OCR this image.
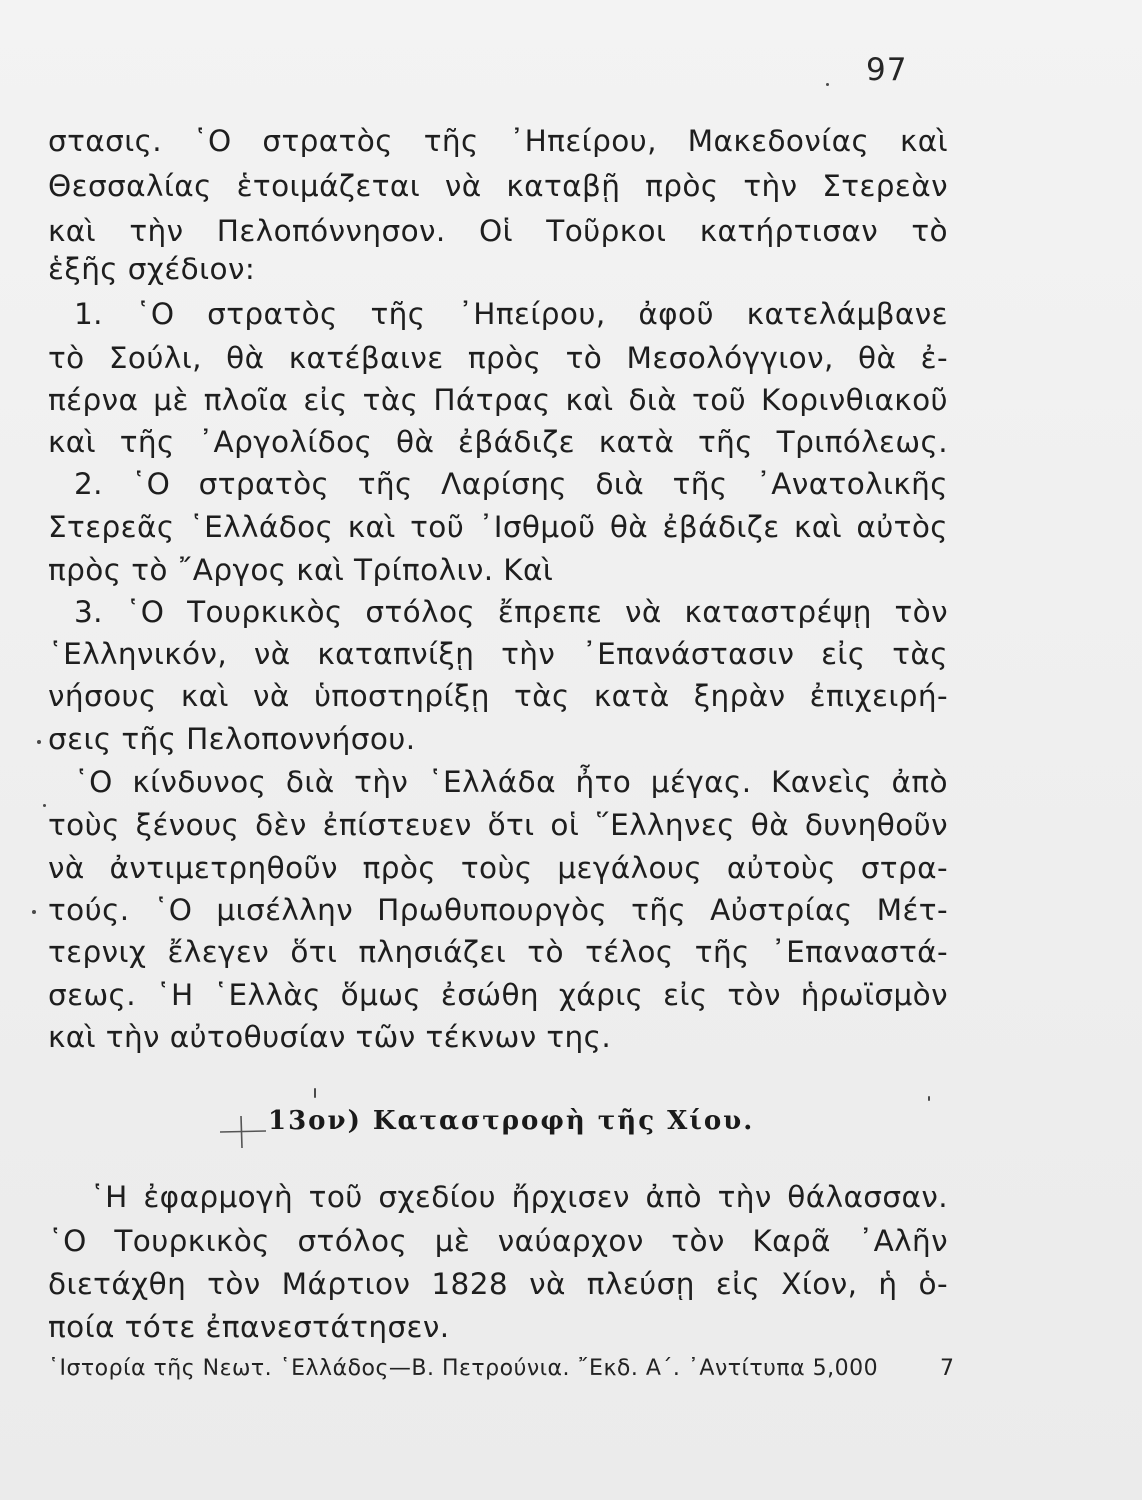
97
στασις. ῾Ο στρατὸς τῆς ᾽Ηπείρου, Μακεδονίας καὶ
Θεσσαλίας ἑτοιμάζεται νὰ καταβῇ πρὸς τὴν Στερεὰν
καὶ τὴν Πελοπόννησον. Οἱ Τοῦρκοι κατήρτισαν τὸ
ἑξῆς σχέδιον:
1. ῾Ο στρατὸς τῆς ᾽Ηπείρου, ἀφοῦ κατελάμβανε
τὸ Σούλι, θὰ κατέβαινε πρὸς τὸ Μεσολόγγιον, θὰ ἐ-
πέρνα μὲ πλοῖα εἰς τὰς Πάτρας καὶ διὰ τοῦ Κορινθιακοῦ
καὶ τῆς ᾽Αργολίδος θὰ ἐβάδιζε κατὰ τῆς Τριπόλεως.
2. ῾Ο στρατὸς τῆς Λαρίσης διὰ τῆς ᾽Ανατολικῆς
Στερεᾶς ῾Ελλάδος καὶ τοῦ ᾽Ισθμοῦ θὰ ἐβάδιζε καὶ αὐτὸς
πρὸς τὸ ῎Αργος καὶ Τρίπολιν. Καὶ
3. ῾Ο Τουρκικὸς στόλος ἔπρεπε νὰ καταστρέψῃ τὸν
῾Ελληνικόν, νὰ καταπνίξῃ τὴν ᾽Επανάστασιν εἰς τὰς
νήσους καὶ νὰ ὑποστηρίξῃ τὰς κατὰ ξηρὰν ἐπιχειρή-
σεις τῆς Πελοποννήσου.
῾Ο κίνδυνος διὰ τὴν ῾Ελλάδα ἦτο μέγας. Κανεὶς ἀπὸ
τοὺς ξένους δὲν ἐπίστευεν ὅτι οἱ ῞Ελληνες θὰ δυνηθοῦν
νὰ ἀντιμετρηθοῦν πρὸς τοὺς μεγάλους αὐτοὺς στρα-
τούς. ῾Ο μισέλλην Πρωθυπουργὸς τῆς Αὐστρίας Μέτ-
τερνιχ ἔλεγεν ὅτι πλησιάζει τὸ τέλος τῆς ᾽Επαναστά-
σεως. ῾Η ῾Ελλὰς ὅμως ἐσώθη χάρις εἰς τὸν ἡρωϊσμὸν
καὶ τὴν αὐτοθυσίαν τῶν τέκνων της.
13ον) Καταστροφὴ τῆς Χίου.
῾Η ἐφαρμογὴ τοῦ σχεδίου ἤρχισεν ἀπὸ τὴν θάλασσαν.
῾Ο Τουρκικὸς στόλος μὲ ναύαρχον τὸν Καρᾶ ᾽Αλῆν
διετάχθη τὸν Μάρτιον 1828 νὰ πλεύσῃ εἰς Χίον, ἡ ὁ-
ποία τότε ἐπανεστάτησεν.
῾Ιστορία τῆς Νεωτ. ῾Ελλάδος—Β. Πετρούνια. ῎Εκδ. Α΄. ᾽Αντίτυπα 5,000	7
